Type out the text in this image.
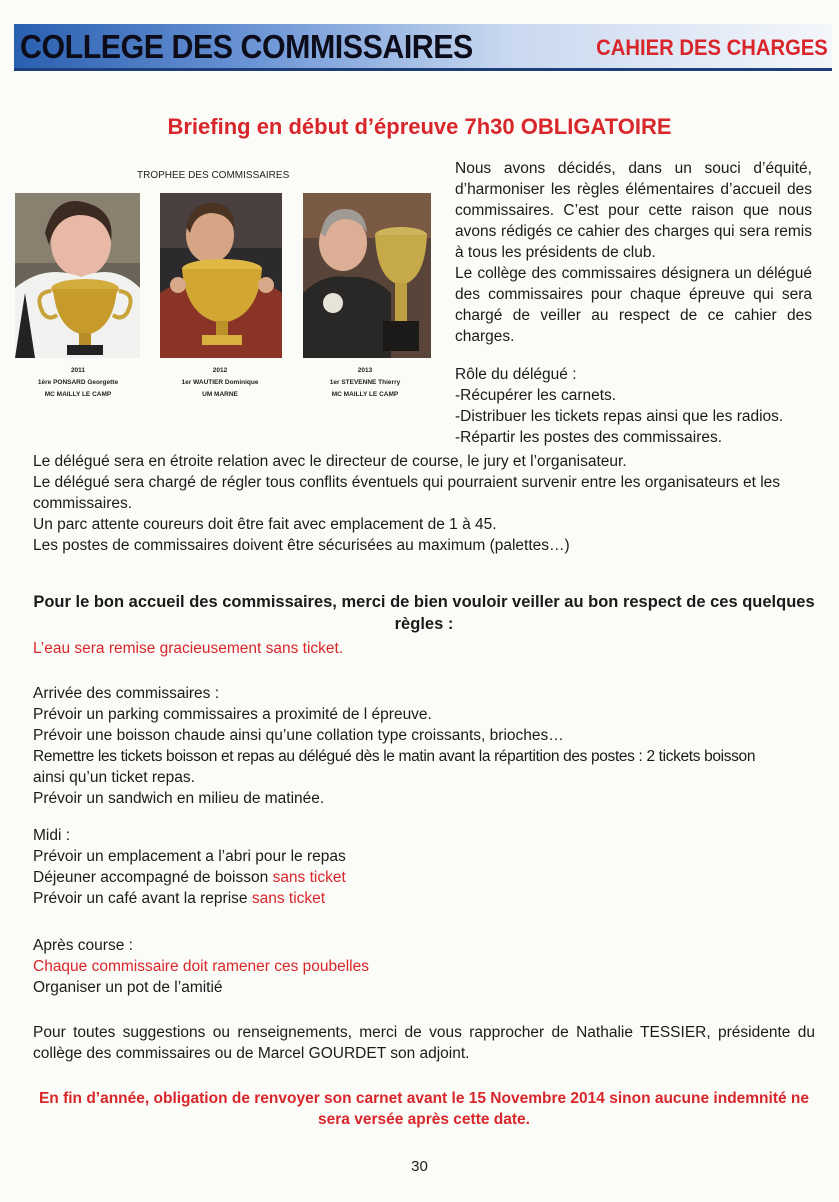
COLLEGE DES COMMISSAIRES	CAHIER DES CHARGES
Briefing en début d’épreuve 7h30 OBLIGATOIRE
TROPHEE DES COMMISSAIRES
2011
1ère PONSARD Georgette
MC MAILLY LE CAMP
2012
1er WAUTIER Dominique
UM MARNE
2013
1er STEVENNE Thierry
MC MAILLY LE CAMP

Nous avons décidés, dans un souci d’équité, d’harmoniser les règles élémentaires d’accueil des commissaires. C’est pour cette raison que nous avons rédigés ce cahier des charges qui sera remis à tous les présidents de club.

Le collège des commissaires désignera un délégué des commissaires pour chaque épreuve qui sera chargé de veiller au respect de ce cahier des charges.

Rôle du délégué :
-Récupérer les carnets.
-Distribuer les tickets repas ainsi que les radios.
-Répartir les postes des commissaires.
Le délégué sera en étroite relation avec le directeur de course, le jury et l’organisateur.
Le délégué sera chargé de régler tous conflits éventuels qui pourraient survenir entre les organisateurs et les
commissaires.
Un parc attente coureurs doit être fait avec emplacement de 1 à 45.
Les postes de commissaires doivent être sécurisées au maximum (palettes…)
Pour le bon accueil des commissaires, merci de bien vouloir veiller au bon respect de ces quelques règles :
L’eau sera remise gracieusement sans ticket.
Arrivée des commissaires :
Prévoir un parking commissaires a proximité de l épreuve.
Prévoir une boisson chaude ainsi qu’une collation type croissants, brioches…
Remettre les tickets boisson et repas au délégué dès le matin avant la répartition des postes : 2 tickets boisson
ainsi qu’un ticket repas.
Prévoir un sandwich en milieu de matinée.
Midi :
Prévoir un emplacement a l’abri pour le repas
Déjeuner accompagné de boisson sans ticket
Prévoir un café avant la reprise sans ticket
Après course :
Chaque commissaire doit ramener ces poubelles
Organiser un pot de l’amitié
Pour toutes suggestions ou renseignements, merci de vous rapprocher de Nathalie TESSIER, présidente du collège des commissaires ou de Marcel GOURDET son adjoint.
En fin d’année, obligation de renvoyer son carnet avant le 15 Novembre 2014 sinon aucune indemnité ne sera versée après cette date.
30
